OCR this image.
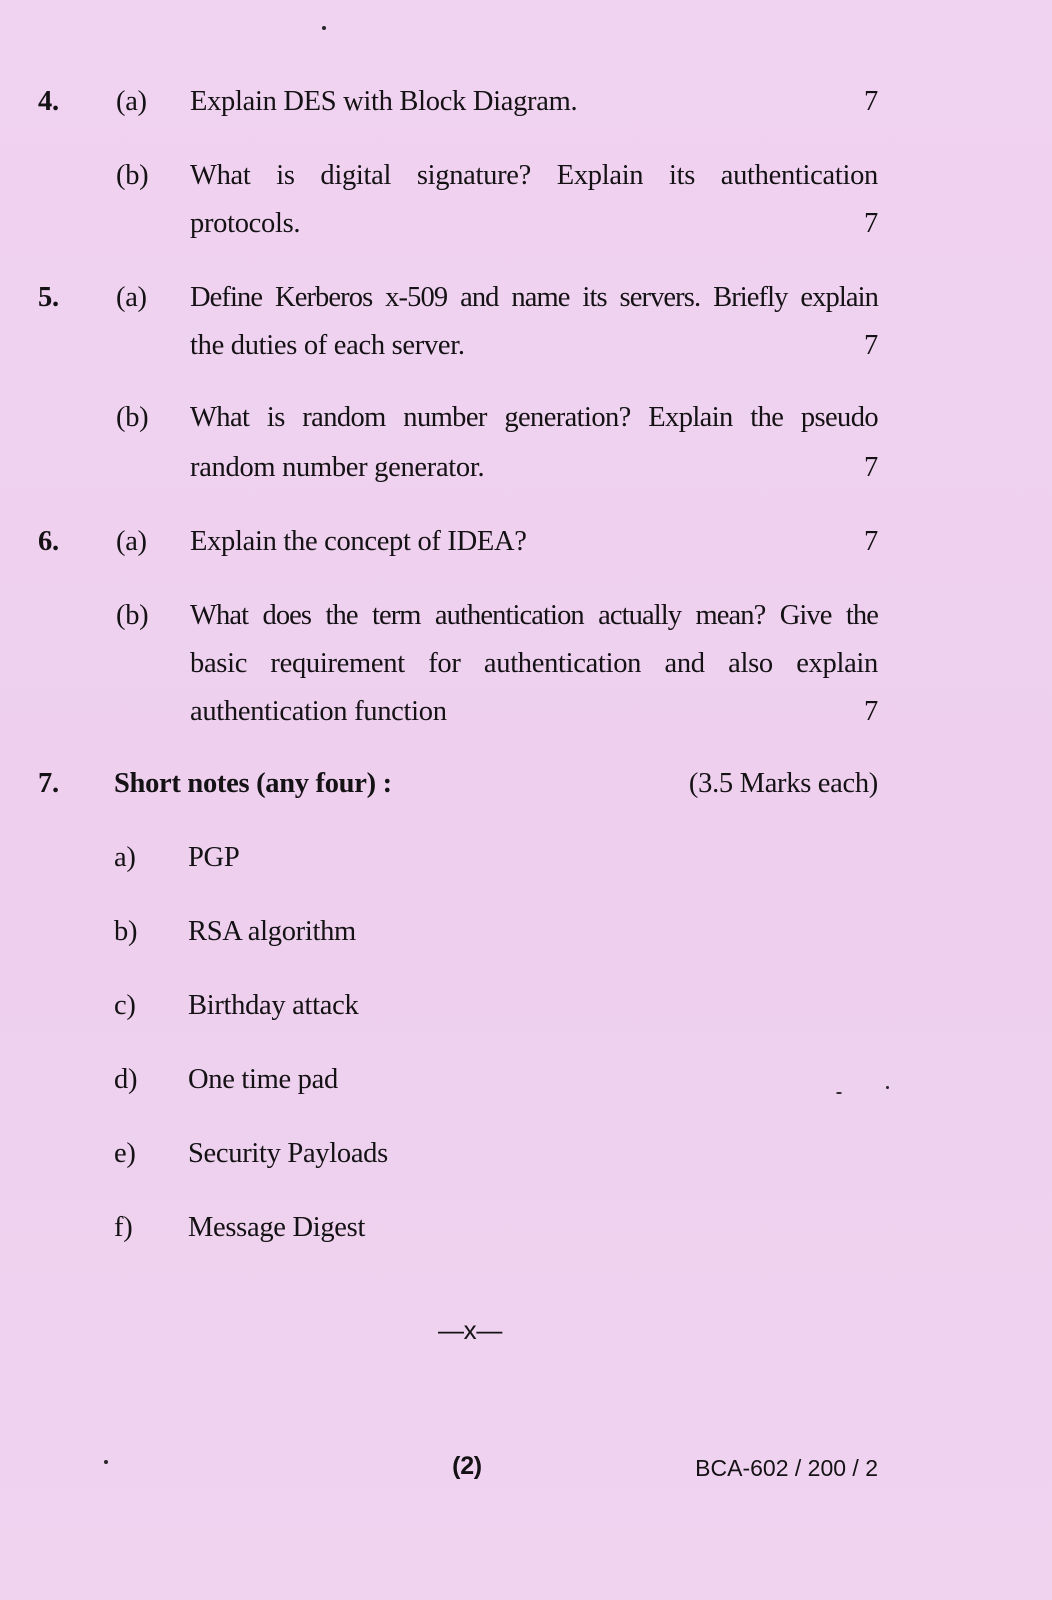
4. (a) Explain DES with Block Diagram.	7
(b) What is digital signature? Explain its authentication
protocols.	7
5. (a) Define Kerberos x-509 and name its servers. Briefly explain
the duties of each server.	7
(b) What is random number generation? Explain the pseudo
random number generator.	7
6. (a) Explain the concept of IDEA?	7
(b) What does the term authentication actually mean? Give the
basic requirement for authentication and also explain
authentication function	7
7. Short notes (any four) :	(3.5 Marks each)
a) PGP
b) RSA algorithm
c) Birthday attack
d) One time pad
e) Security Payloads
f) Message Digest
—x—
(2)	BCA-602 / 200 / 2
